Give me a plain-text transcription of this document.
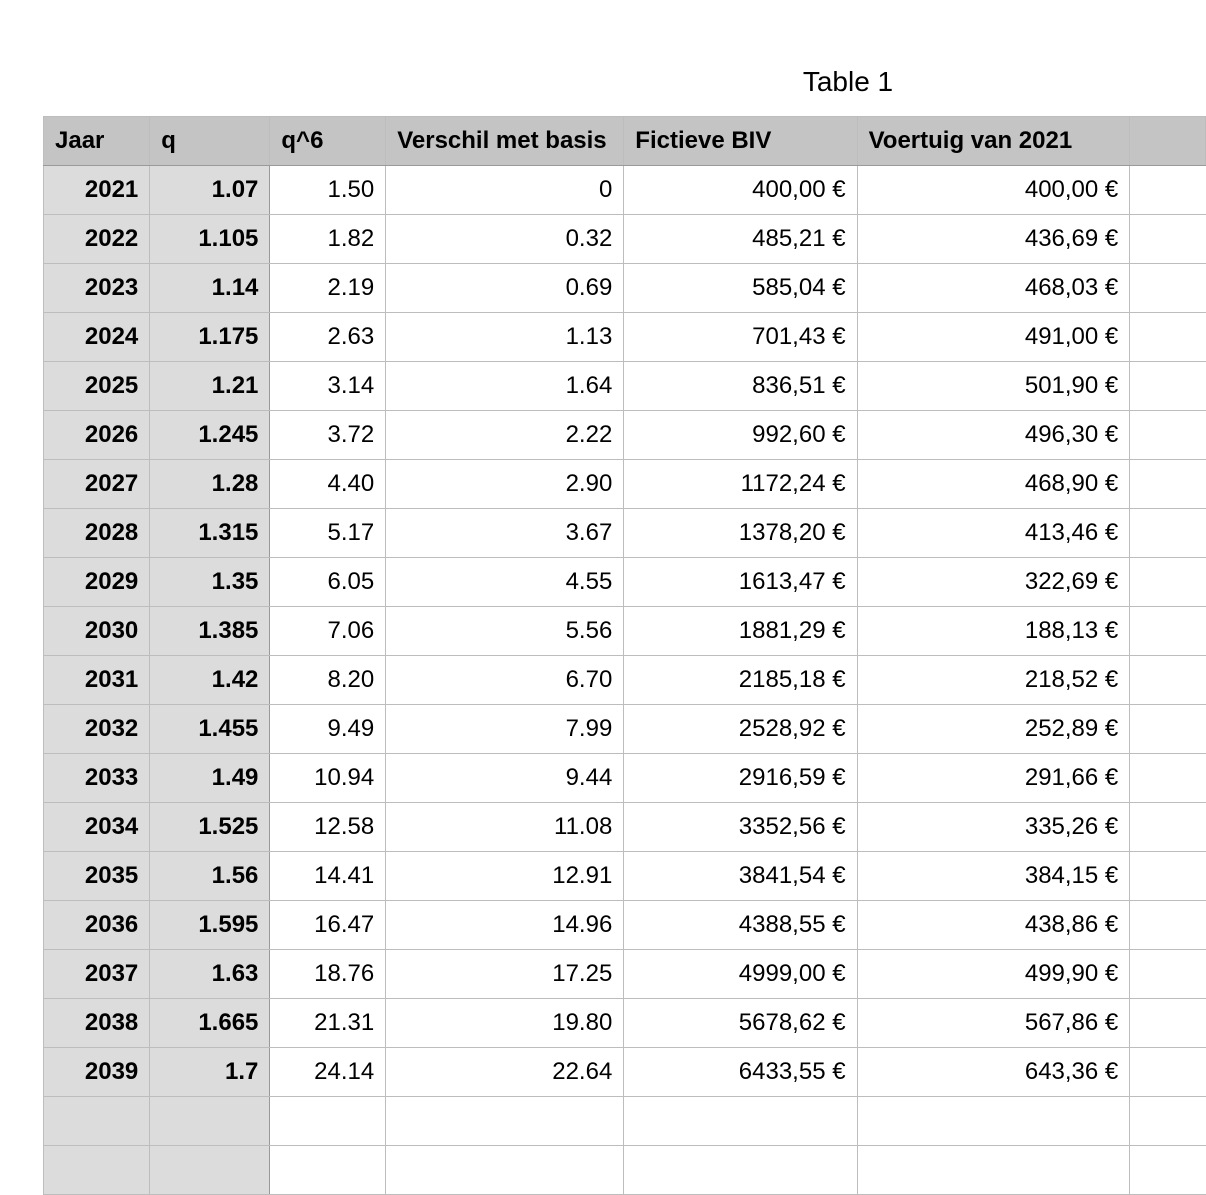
Table 1
Jaar	q	q^6	Verschil met basis	Fictieve BIV	Voertuig van 2021	
2021	1.07	1.50	0	400,00 €	400,00 €	
2022	1.105	1.82	0.32	485,21 €	436,69 €	
2023	1.14	2.19	0.69	585,04 €	468,03 €	
2024	1.175	2.63	1.13	701,43 €	491,00 €	
2025	1.21	3.14	1.64	836,51 €	501,90 €	
2026	1.245	3.72	2.22	992,60 €	496,30 €	
2027	1.28	4.40	2.90	1172,24 €	468,90 €	
2028	1.315	5.17	3.67	1378,20 €	413,46 €	
2029	1.35	6.05	4.55	1613,47 €	322,69 €	
2030	1.385	7.06	5.56	1881,29 €	188,13 €	
2031	1.42	8.20	6.70	2185,18 €	218,52 €	
2032	1.455	9.49	7.99	2528,92 €	252,89 €	
2033	1.49	10.94	9.44	2916,59 €	291,66 €	
2034	1.525	12.58	11.08	3352,56 €	335,26 €	
2035	1.56	14.41	12.91	3841,54 €	384,15 €	
2036	1.595	16.47	14.96	4388,55 €	438,86 €	
2037	1.63	18.76	17.25	4999,00 €	499,90 €	
2038	1.665	21.31	19.80	5678,62 €	567,86 €	
2039	1.7	24.14	22.64	6433,55 €	643,36 €	
